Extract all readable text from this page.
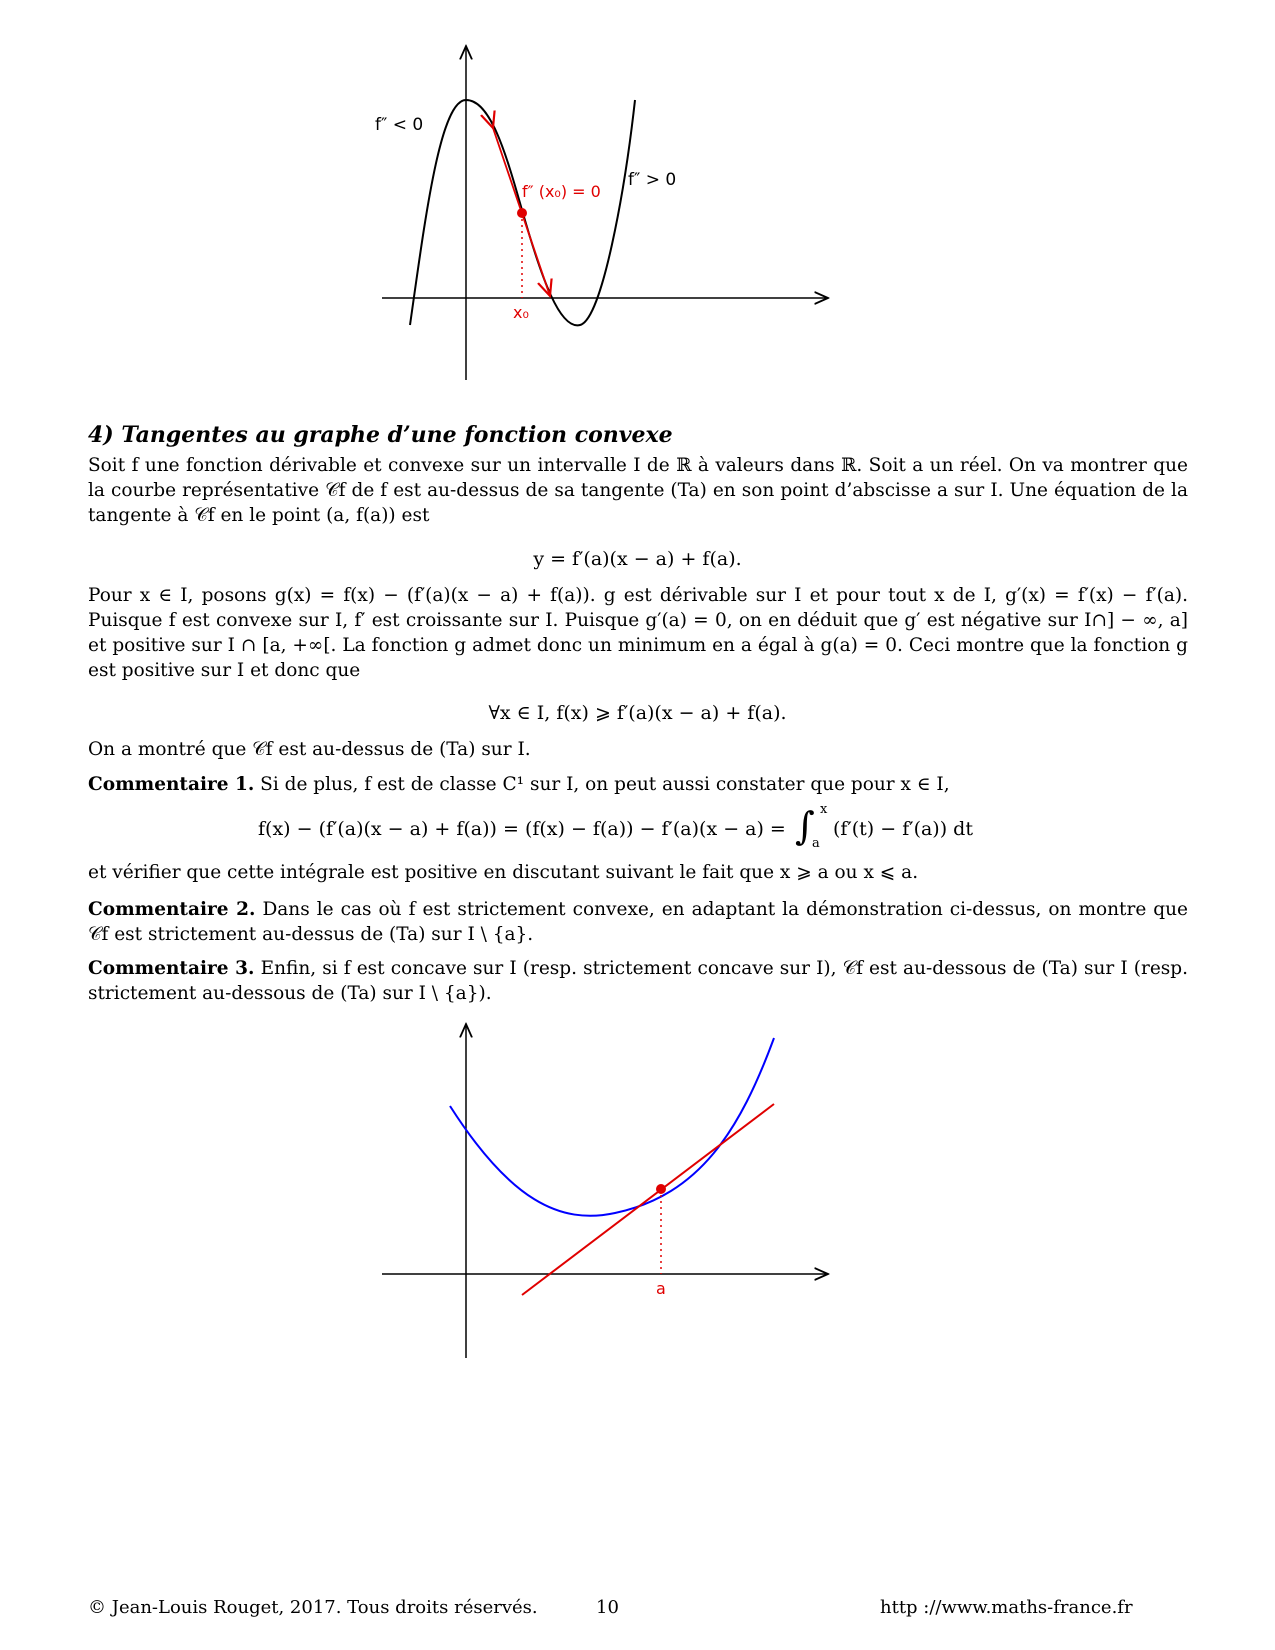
f″ < 0
f″ > 0
f″ (x₀) = 0
x₀
4) Tangentes au graphe d’une fonction convexe
Soit f une fonction dérivable et convexe sur un intervalle I de ℝ à valeurs dans ℝ. Soit a un réel. On va montrer que la courbe représentative 𝒞f de f est au-dessus de sa tangente (Ta) en son point d’abscisse a sur I. Une équation de la tangente à 𝒞f en le point (a, f(a)) est
y = f′(a)(x − a) + f(a).
Pour x ∈ I, posons g(x) = f(x) − (f′(a)(x − a) + f(a)). g est dérivable sur I et pour tout x de I, g′(x) = f′(x) − f′(a). Puisque f est convexe sur I, f′ est croissante sur I. Puisque g′(a) = 0, on en déduit que g′ est négative sur I∩] − ∞, a] et positive sur I ∩ [a, +∞[. La fonction g admet donc un minimum en a égal à g(a) = 0. Ceci montre que la fonction g est positive sur I et donc que
∀x ∈ I, f(x) ⩾ f′(a)(x − a) + f(a).
On a montré que 𝒞f est au-dessus de (Ta) sur I.
Commentaire 1. Si de plus, f est de classe C¹ sur I, on peut aussi constater que pour x ∈ I,
f(x) − (f′(a)(x − a) + f(a)) = (f(x) − f(a)) − f′(a)(x − a) = ∫ x
a
(f′(t) − f′(a)) dt
et vérifier que cette intégrale est positive en discutant suivant le fait que x ⩾ a ou x ⩽ a.
Commentaire 2. Dans le cas où f est strictement convexe, en adaptant la démonstration ci-dessus, on montre que 𝒞f est strictement au-dessus de (Ta) sur I \ {a}.
Commentaire 3. Enfin, si f est concave sur I (resp. strictement concave sur I), 𝒞f est au-dessous de (Ta) sur I (resp. strictement au-dessous de (Ta) sur I \ {a}).
a
© Jean-Louis Rouget, 2017. Tous droits réservés.	10	http ://www.maths-france.fr
